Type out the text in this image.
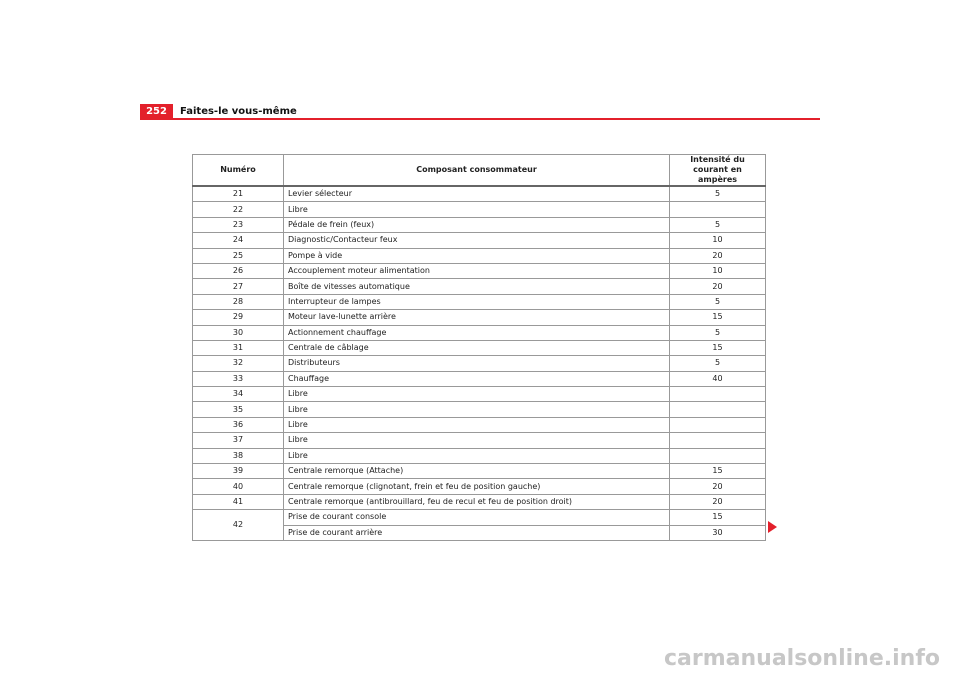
252	Faites-le vous-même
Numéro	Composant consommateur	Intensité du courant en ampères
21	Levier sélecteur	5
22	Libre	
23	Pédale de frein (feux)	5
24	Diagnostic/Contacteur feux	10
25	Pompe à vide	20
26	Accouplement moteur alimentation	10
27	Boîte de vitesses automatique	20
28	Interrupteur de lampes	5
29	Moteur lave-lunette arrière	15
30	Actionnement chauffage	5
31	Centrale de câblage	15
32	Distributeurs	5
33	Chauffage	40
34	Libre	
35	Libre	
36	Libre	
37	Libre	
38	Libre	
39	Centrale remorque (Attache)	15
40	Centrale remorque (clignotant, frein et feu de position gauche)	20
41	Centrale remorque (antibrouillard, feu de recul et feu de position droit)	20
42	Prise de courant console	15
	Prise de courant arrière	30
carmanualsonline.info
